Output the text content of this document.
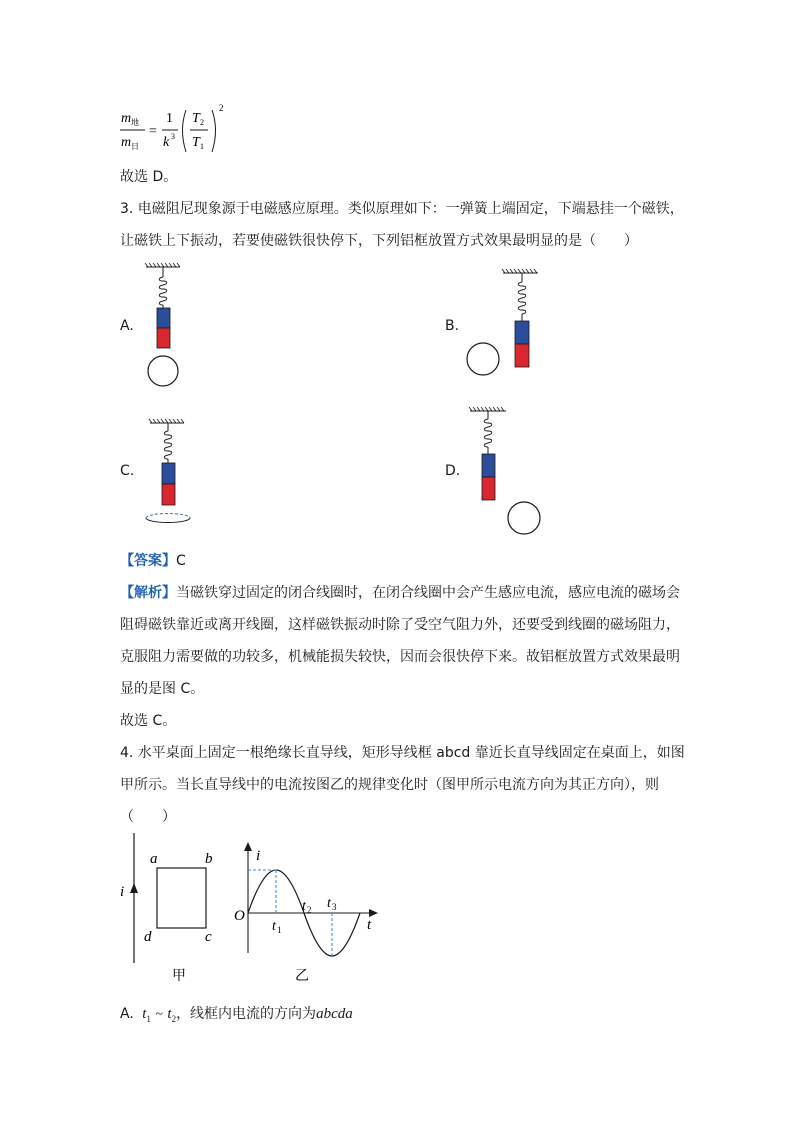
m 地
m 日
=
1
k 3
T 2
T 1
2
故选 D。
3. 电磁阻尼现象源于电磁感应原理。类似原理如下：一弹簧上端固定，下端悬挂一个磁铁，
让磁铁上下振动，若要使磁铁很快停下，下列铝框放置方式效果最明显的是（　　）
A.	B.
C.	D.
【答案】C
【解析】当磁铁穿过固定的闭合线圈时，在闭合线圈中会产生感应电流，感应电流的磁场会
阻碍磁铁靠近或离开线圈，这样磁铁振动时除了受空气阻力外，还要受到线圈的磁场阻力，
克服阻力需要做的功较多，机械能损失较快，因而会很快停下来。故铝框放置方式效果最明
显的是图 C。
故选 C。
4. 水平桌面上固定一根绝缘长直导线，矩形导线框 abcd 靠近长直导线固定在桌面上，如图
甲所示。当长直导线中的电流按图乙的规律变化时（图甲所示电流方向为其正方向），则
（　　）
i
a	b
c
d
甲
i
O
t
t 1
t 2 t 3
乙
A. $t_1$ ~ $t_2$，线框内电流的方向为abcda
